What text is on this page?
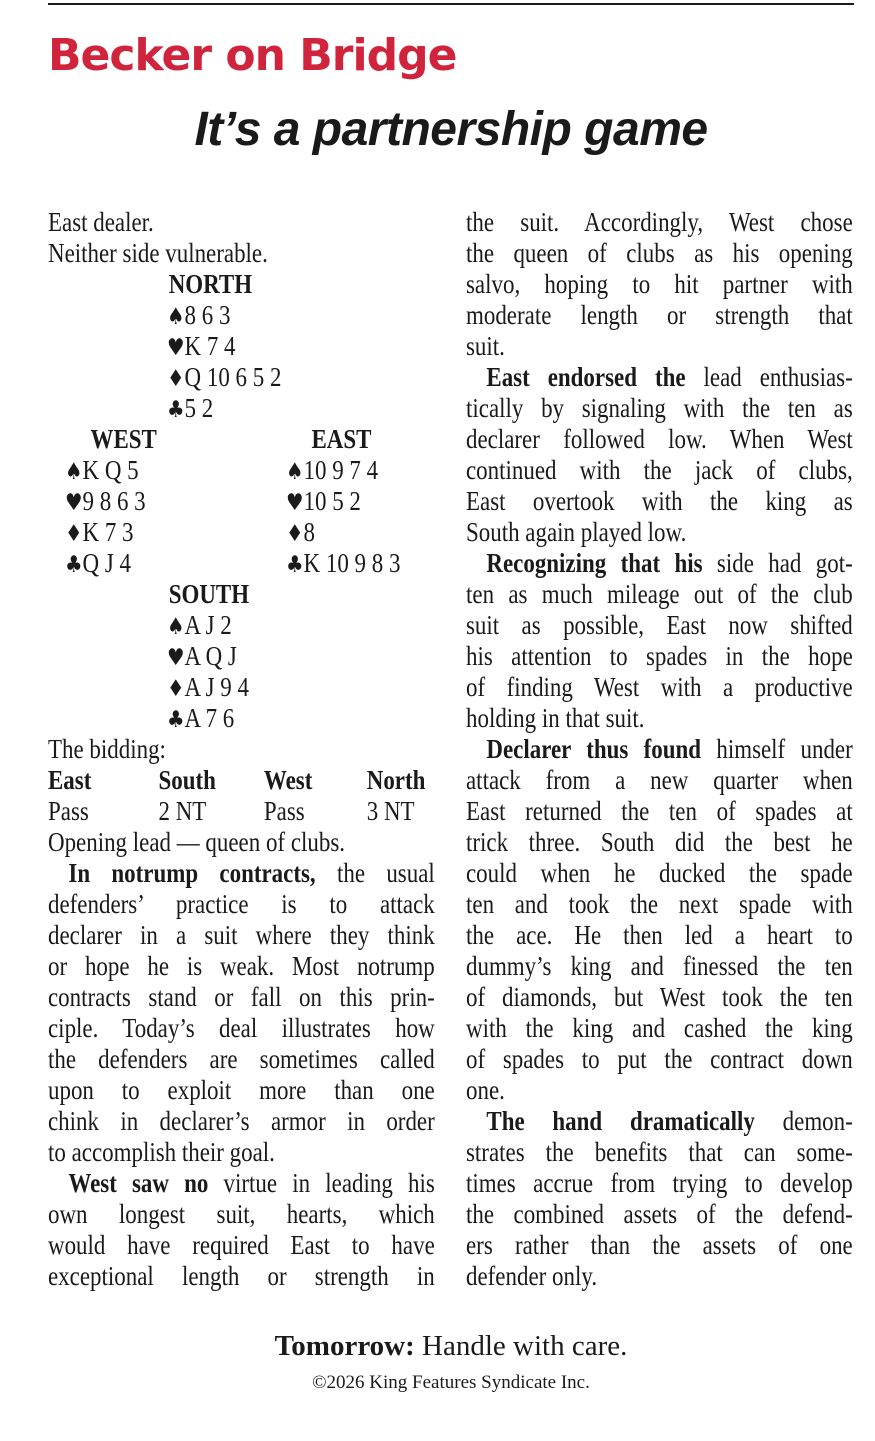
Becker on Bridge
It’s a partnership game
East dealer.
Neither side vulnerable.
NORTH
♠8 6 3
♥K 7 4
♦Q 10 6 5 2
♣5 2
WEST	EAST
♠K Q 5	♠10 9 7 4
♥9 8 6 3	♥10 5 2
♦K 7 3	♦8
♣Q J 4	♣K 10 9 8 3
SOUTH
♠A J 2
♥A Q J
♦A J 9 4
♣A 7 6
The bidding:
East South West North
Pass	2 NT Pass 3 NT
Opening lead — queen of clubs.
In notrump contracts, the usual
defenders’ practice is to attack
declarer in a suit where they think
or hope he is weak. Most notrump
contracts stand or fall on this prin-
ciple. Today’s deal illustrates how
the defenders are sometimes called
upon to exploit more than one
chink in declarer’s armor in order
to accomplish their goal.
West saw no virtue in leading his
own longest suit, hearts, which
would have required East to have
exceptional length or strength in
the suit. Accordingly, West chose
the queen of clubs as his opening
salvo, hoping to hit partner with
moderate length or strength that
suit.
East endorsed the lead enthusias-
tically by signaling with the ten as
declarer followed low. When West
continued with the jack of clubs,
East overtook with the king as
South again played low.
Recognizing that his side had got-
ten as much mileage out of the club
suit as possible, East now shifted
his attention to spades in the hope
of finding West with a productive
holding in that suit.
Declarer thus found himself under
attack from a new quarter when
East returned the ten of spades at
trick three. South did the best he
could when he ducked the spade
ten and took the next spade with
the ace. He then led a heart to
dummy’s king and finessed the ten
of diamonds, but West took the ten
with the king and cashed the king
of spades to put the contract down
one.
The hand dramatically demon-
strates the benefits that can some-
times accrue from trying to develop
the combined assets of the defend-
ers rather than the assets of one
defender only.
Tomorrow: Handle with care.
©2026 King Features Syndicate Inc.
